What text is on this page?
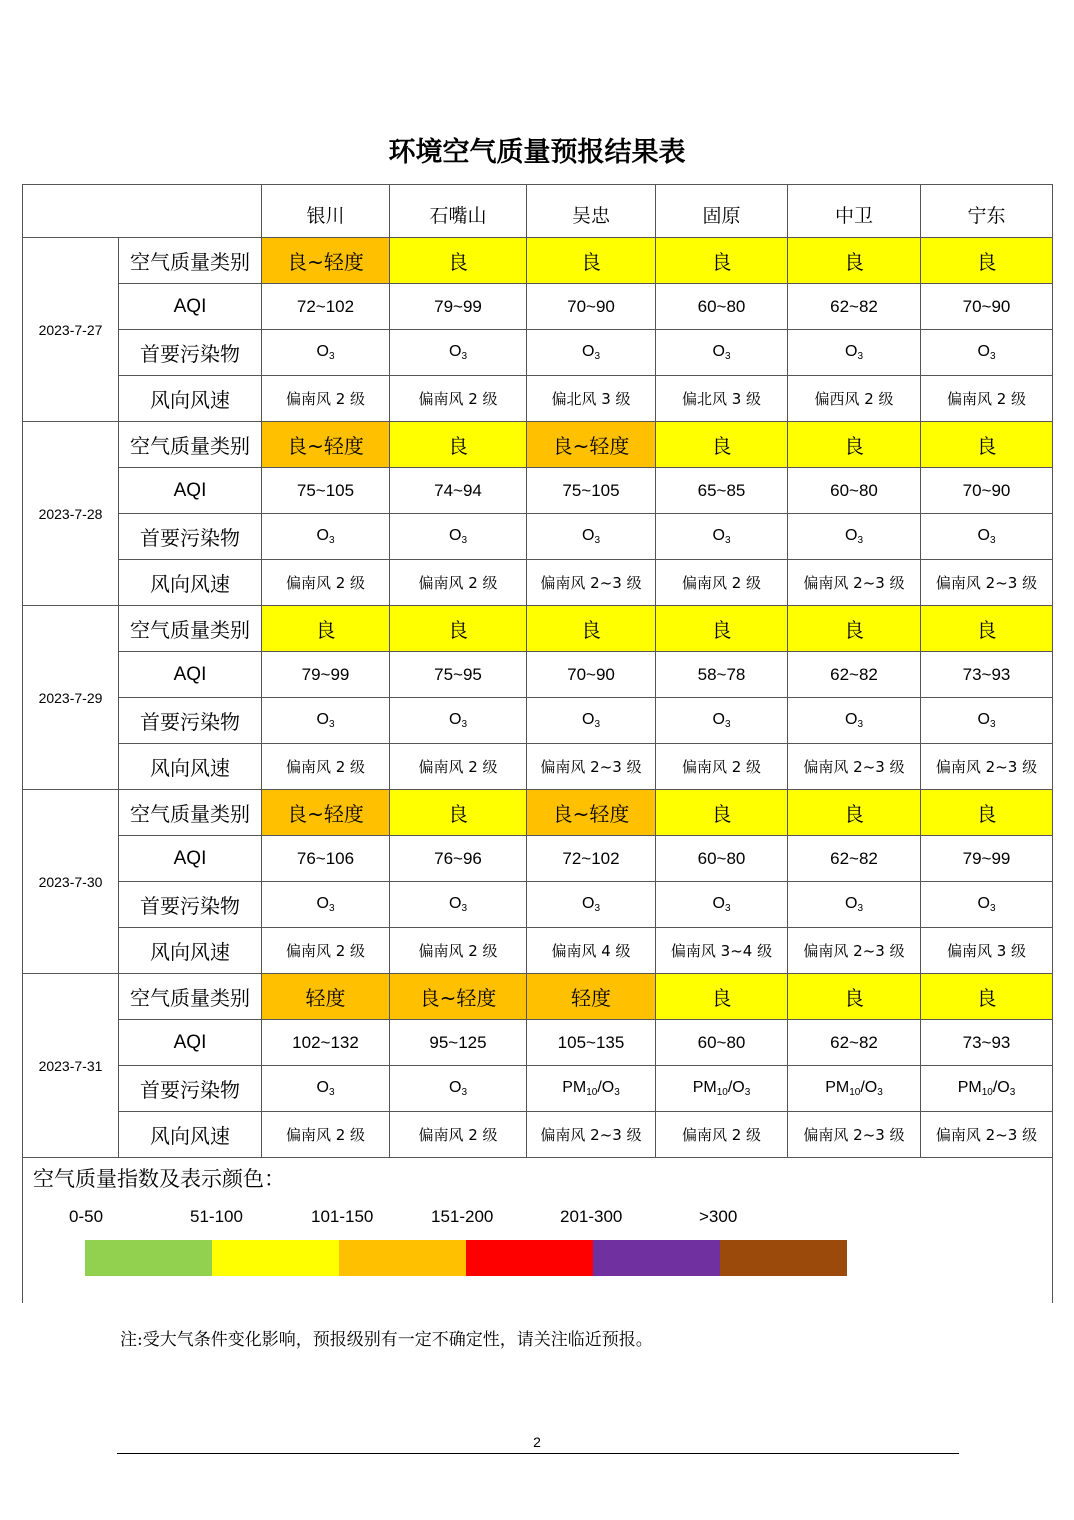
环境空气质量预报结果表
		银川	石嘴山	吴忠	固原	中卫	宁东
2023-7-27	空气质量类别	良~轻度	良	良	良	良	良
	AQI	72~102	79~99	70~90	60~80	62~82	70~90
	首要污染物	$O_3$	$O_3$	$O_3$	$O_3$	$O_3$	$O_3$
	风向风速	偏南风 2 级	偏南风 2 级	偏北风 3 级	偏北风 3 级	偏西风 2 级	偏南风 2 级
2023-7-28	空气质量类别	良~轻度	良	良~轻度	良	良	良
	AQI	75~105	74~94	75~105	65~85	60~80	70~90
	首要污染物	$O_3$	$O_3$	$O_3$	$O_3$	$O_3$	$O_3$
	风向风速	偏南风 2 级	偏南风 2 级	偏南风 2~3 级	偏南风 2 级	偏南风 2~3 级	偏南风 2~3 级
2023-7-29	空气质量类别	良	良	良	良	良	良
	AQI	79~99	75~95	70~90	58~78	62~82	73~93
	首要污染物	$O_3$	$O_3$	$O_3$	$O_3$	$O_3$	$O_3$
	风向风速	偏南风 2 级	偏南风 2 级	偏南风 2~3 级	偏南风 2 级	偏南风 2~3 级	偏南风 2~3 级
2023-7-30	空气质量类别	良~轻度	良	良~轻度	良	良	良
	AQI	76~106	76~96	72~102	60~80	62~82	79~99
	首要污染物	$O_3$	$O_3$	$O_3$	$O_3$	$O_3$	$O_3$
	风向风速	偏南风 2 级	偏南风 2 级	偏南风 4 级	偏南风 3~4 级	偏南风 2~3 级	偏南风 3 级
2023-7-31	空气质量类别	轻度	良~轻度	轻度	良	良	良
	AQI	102~132	95~125	105~135	60~80	62~82	73~93
	首要污染物	$O_3$	$O_3$	$PM_{10}/O_3$	$PM_{10}/O_3$	$PM_{10}/O_3$	$PM_{10}/O_3$
	风向风速	偏南风 2 级	偏南风 2 级	偏南风 2~3 级	偏南风 2 级	偏南风 2~3 级	偏南风 2~3 级
空气质量指数及表示颜色：
0-50	51-100	101-150	151-200	201-300	>300
注:受大气条件变化影响，预报级别有一定不确定性，请关注临近预报。
2
